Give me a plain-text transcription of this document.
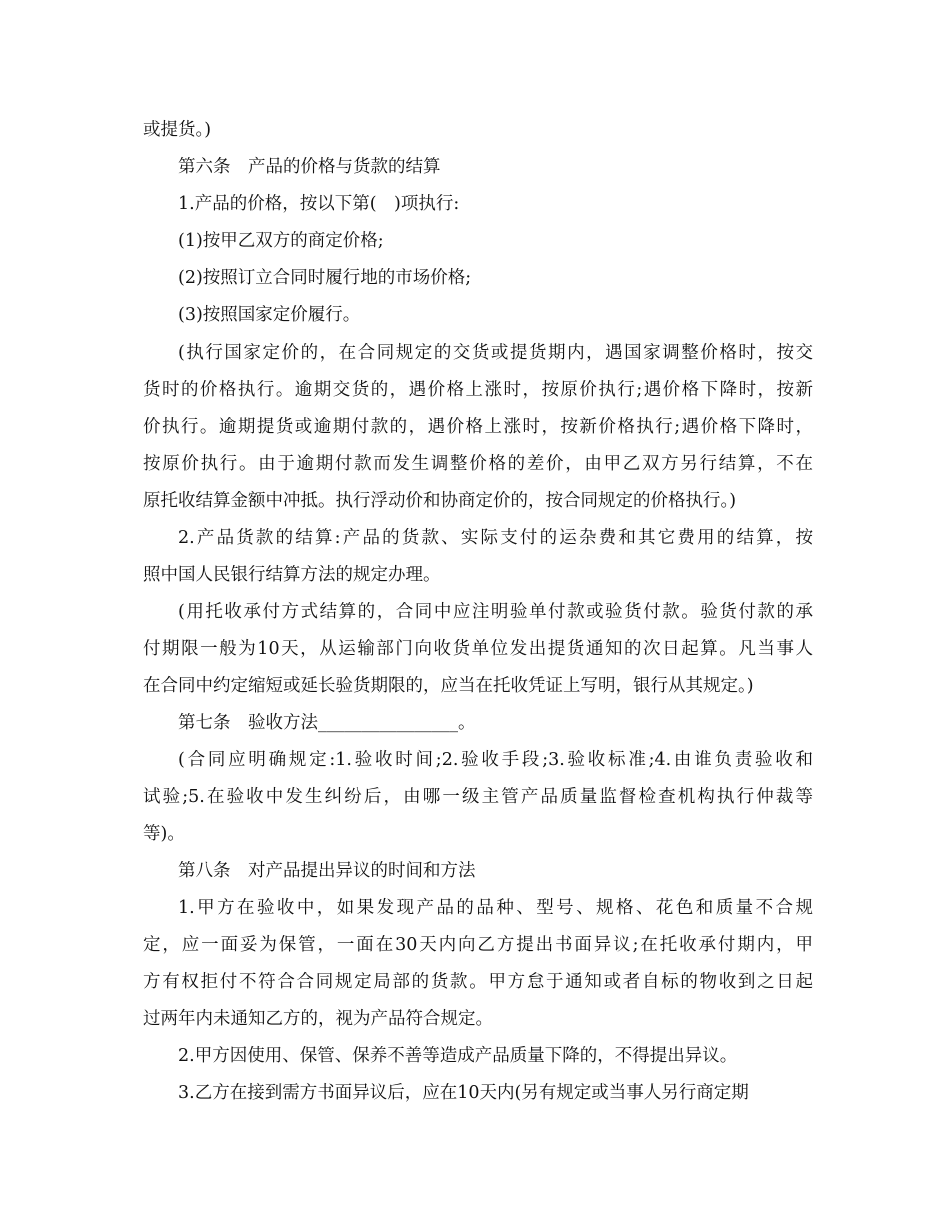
或提货。)
第六条　产品的价格与货款的结算
1.产品的价格，按以下第(　)项执行:
(1)按甲乙双方的商定价格;
(2)按照订立合同时履行地的市场价格;
(3)按照国家定价履行。
(执行国家定价的，在合同规定的交货或提货期内，遇国家调整价格时，按交
货时的价格执行。逾期交货的，遇价格上涨时，按原价执行;遇价格下降时，按新
价执行。逾期提货或逾期付款的，遇价格上涨时，按新价格执行;遇价格下降时，
按原价执行。由于逾期付款而发生调整价格的差价，由甲乙双方另行结算，不在
原托收结算金额中冲抵。执行浮动价和协商定价的，按合同规定的价格执行。)
2.产品货款的结算:产品的货款、实际支付的运杂费和其它费用的结算，按
照中国人民银行结算方法的规定办理。
(用托收承付方式结算的，合同中应注明验单付款或验货付款。验货付款的承
付期限一般为10天，从运输部门向收货单位发出提货通知的次日起算。凡当事人
在合同中约定缩短或延长验货期限的，应当在托收凭证上写明，银行从其规定。)
第七条　验收方法________________。
(合同应明确规定:1.验收时间;2.验收手段;3.验收标准;4.由谁负责验收和
试验;5.在验收中发生纠纷后，由哪一级主管产品质量监督检查机构执行仲裁等
等)。
第八条　对产品提出异议的时间和方法
1.甲方在验收中，如果发现产品的品种、型号、规格、花色和质量不合规
定，应一面妥为保管，一面在30天内向乙方提出书面异议;在托收承付期内，甲
方有权拒付不符合合同规定局部的货款。甲方怠于通知或者自标的物收到之日起
过两年内未通知乙方的，视为产品符合规定。
2.甲方因使用、保管、保养不善等造成产品质量下降的，不得提出异议。
3.乙方在接到需方书面异议后，应在10天内(另有规定或当事人另行商定期
